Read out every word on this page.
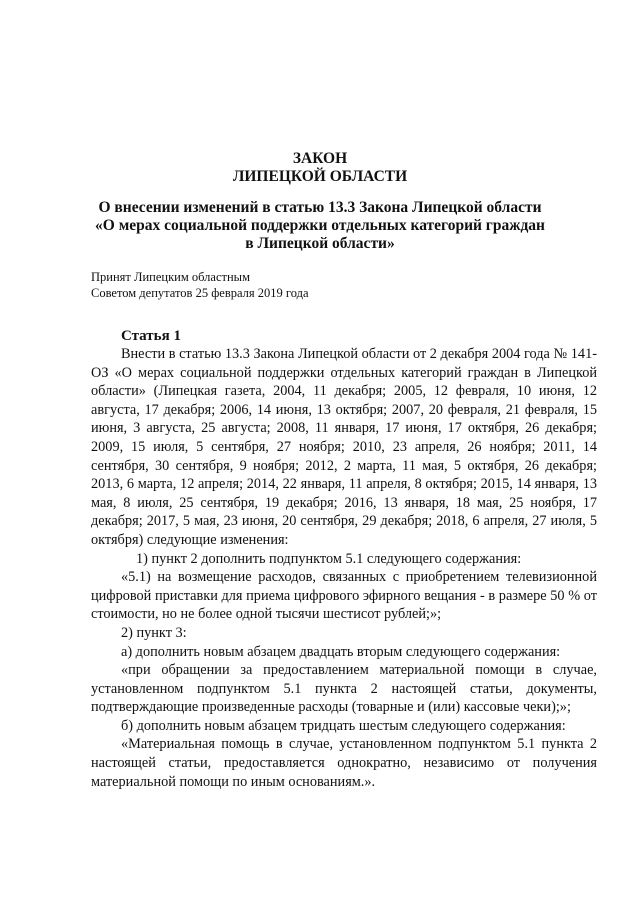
ЗАКОН
ЛИПЕЦКОЙ ОБЛАСТИ
О внесении изменений в статью 13.3 Закона Липецкой области
«О мерах социальной поддержки отдельных категорий граждан
в Липецкой области»
Принят Липецким областным
Советом депутатов 25 февраля 2019 года
Статья 1

Внести в статью 13.3 Закона Липецкой области от 2 декабря 2004 года № 141-ОЗ «О мерах социальной поддержки отдельных категорий граждан в Липецкой области» (Липецкая газета, 2004, 11 декабря; 2005, 12 февраля, 10 июня, 12 августа, 17 декабря; 2006, 14 июня, 13 октября; 2007, 20 февраля, 21 февраля, 15 июня, 3 августа, 25 августа; 2008, 11 января, 17 июня, 17 октября, 26 декабря; 2009, 15 июля, 5 сентября, 27 ноября; 2010, 23 апреля, 26 ноября; 2011, 14 сентября, 30 сентября, 9 ноября; 2012, 2 марта, 11 мая, 5 октября, 26 декабря; 2013, 6 марта, 12 апреля; 2014, 22 января, 11 апреля, 8 октября; 2015, 14 января, 13 мая, 8 июля, 25 сентября, 19 декабря; 2016, 13 января, 18 мая, 25 ноября, 17 декабря; 2017, 5 мая, 23 июня, 20 сентября, 29 декабря; 2018, 6 апреля, 27 июля, 5 октября) следующие изменения:

1) пункт 2 дополнить подпунктом 5.1 следующего содержания:

«5.1) на возмещение расходов, связанных с приобретением телевизионной цифровой приставки для приема цифрового эфирного вещания - в размере 50 % от стоимости, но не более одной тысячи шестисот рублей;»;

2) пункт 3:

а) дополнить новым абзацем двадцать вторым следующего содержания:

«при обращении за предоставлением материальной помощи в случае, установленном подпунктом 5.1 пункта 2 настоящей статьи, документы, подтверждающие произведенные расходы (товарные и (или) кассовые чеки);»;

б) дополнить новым абзацем тридцать шестым следующего содержания:

«Материальная помощь в случае, установленном подпунктом 5.1 пункта 2 настоящей статьи, предоставляется однократно, независимо от получения материальной помощи по иным основаниям.».
